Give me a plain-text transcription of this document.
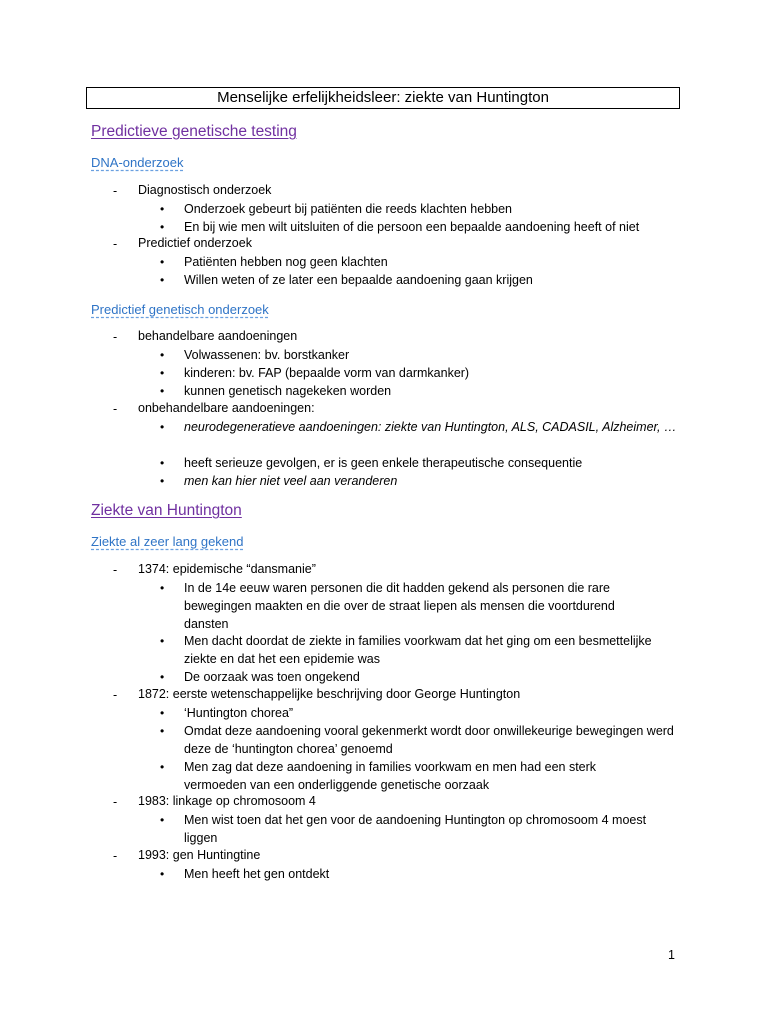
Menselijke erfelijkheidsleer: ziekte van Huntington
Predictieve genetische testing
DNA-onderzoek
- Diagnostisch onderzoek
• Onderzoek gebeurt bij patiënten die reeds klachten hebben
• En bij wie men wilt uitsluiten of die persoon een bepaalde aandoening heeft of niet
- Predictief onderzoek
• Patiënten hebben nog geen klachten
• Willen weten of ze later een bepaalde aandoening gaan krijgen
Predictief genetisch onderzoek
- behandelbare aandoeningen
• Volwassenen: bv. borstkanker
• kinderen: bv. FAP (bepaalde vorm van darmkanker)
• kunnen genetisch nagekeken worden
- onbehandelbare aandoeningen:
• neurodegeneratieve aandoeningen: ziekte van Huntington, ALS, CADASIL, Alzheimer, …
• heeft serieuze gevolgen, er is geen enkele therapeutische consequentie
• men kan hier niet veel aan veranderen
Ziekte van Huntington
Ziekte al zeer lang gekend
- 1374: epidemische “dansmanie”
• In de 14e eeuw waren personen die dit hadden gekend als personen die rare bewegingen maakten en die over de straat liepen als mensen die voortdurend dansten
• Men dacht doordat de ziekte in families voorkwam dat het ging om een besmettelijke ziekte en dat het een epidemie was
• De oorzaak was toen ongekend
- 1872: eerste wetenschappelijke beschrijving door George Huntington
• ‘Huntington chorea”
• Omdat deze aandoening vooral gekenmerkt wordt door onwillekeurige bewegingen werd deze de ‘huntington chorea’ genoemd
• Men zag dat deze aandoening in families voorkwam en men had een sterk vermoeden van een onderliggende genetische oorzaak
- 1983: linkage op chromosoom 4
• Men wist toen dat het gen voor de aandoening Huntington op chromosoom 4 moest liggen
- 1993: gen Huntingtine
• Men heeft het gen ontdekt
1
